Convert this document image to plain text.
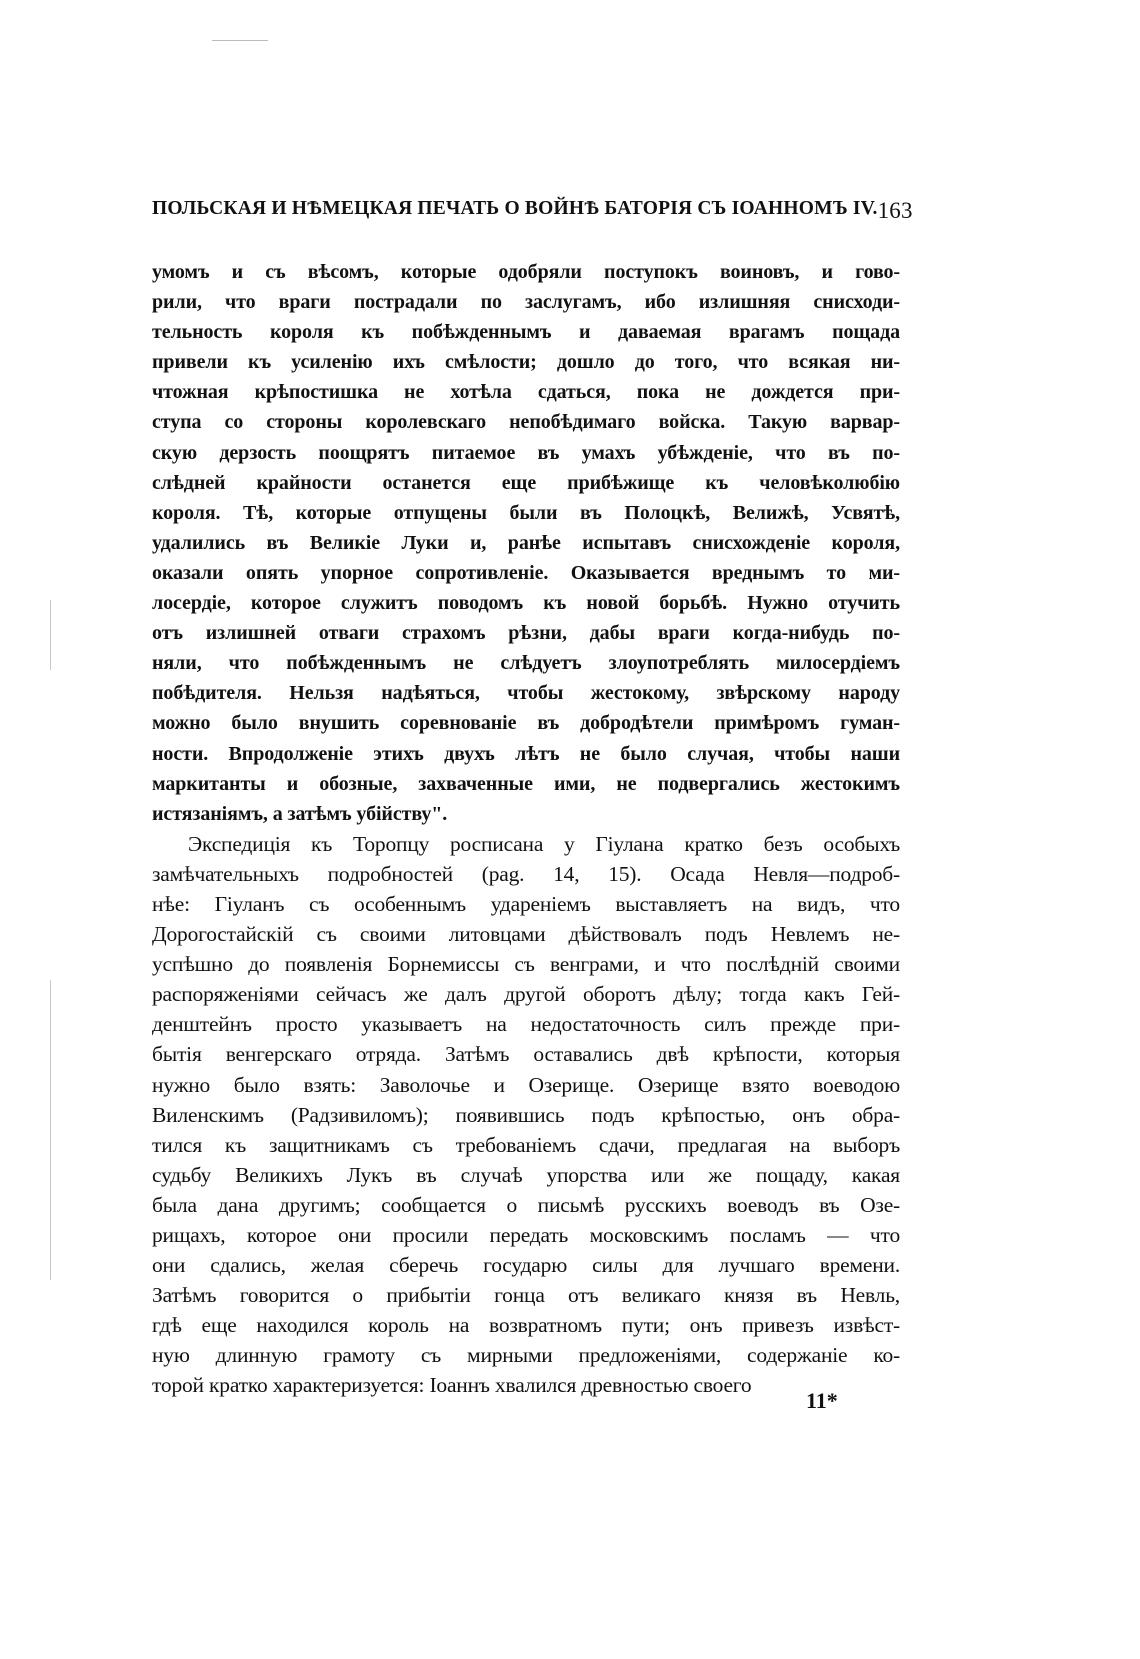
ПОЛЬСКАЯ И НѢМЕЦКАЯ ПЕЧАТЬ О ВОЙНѢ БАТОРІЯ СЪ ІОАННОМЪ IV. 163
умомъ и съ вѣсомъ, которые одобряли поступокъ воиновъ, и гово-
рили, что враги пострадали по заслугамъ, ибо излишняя снисходи-
тельность короля къ побѣжденнымъ и даваемая врагамъ пощада
привели къ усиленію ихъ смѣлости; дошло до того, что всякая ни-
чтожная крѣпостишка не хотѣла сдаться, пока не дождется при-
ступа со стороны королевскаго непобѣдимаго войска. Такую варвар-
скую дерзость поощрятъ питаемое въ умахъ убѣжденіе, что въ по-
слѣдней крайности останется еще прибѣжище къ человѣколюбію
короля. Тѣ, которые отпущены были въ Полоцкѣ, Велижѣ, Усвятѣ,
удалились въ Великіе Луки и, ранѣе испытавъ снисхожденіе короля,
оказали опять упорное сопротивленіе. Оказывается вреднымъ то ми-
лосердіе, которое служитъ поводомъ къ новой борьбѣ. Нужно отучить
отъ излишней отваги страхомъ рѣзни, дабы враги когда-нибудь по-
няли, что побѣжденнымъ не слѣдуетъ злоупотреблять милосердіемъ
побѣдителя. Нельзя надѣяться, чтобы жестокому, звѣрскому народу
можно было внушить соревнованіе въ добродѣтели примѣромъ гуман-
ности. Впродолженіе этихъ двухъ лѣтъ не было случая, чтобы наши
маркитанты и обозные, захваченные ими, не подвергались жестокимъ
истязаніямъ, а затѣмъ убійству".
Экспедиція къ Торопцу росписана у Гіулана кратко безъ особыхъ
замѣчательныхъ подробностей (pag. 14, 15). Осада Невля—подроб-
нѣе: Гіуланъ съ особеннымъ удареніемъ выставляетъ на видъ, что
Дорогостайскій съ своими литовцами дѣйствовалъ подъ Невлемъ не-
успѣшно до появленія Борнемиссы съ венграми, и что послѣдній своими
распоряженіями сейчасъ же далъ другой оборотъ дѣлу; тогда какъ Гей-
денштейнъ просто указываетъ на недостаточность силъ прежде при-
бытія венгерскаго отряда. Затѣмъ оставались двѣ крѣпости, которыя
нужно было взять: Заволочье и Озерище. Озерище взято воеводою
Виленскимъ (Радзивиломъ); появившись подъ крѣпостью, онъ обра-
тился къ защитникамъ съ требованіемъ сдачи, предлагая на выборъ
судьбу Великихъ Лукъ въ случаѣ упорства или же пощаду, какая
была дана другимъ; сообщается о письмѣ русскихъ воеводъ въ Озе-
рищахъ, которое они просили передать московскимъ посламъ — что
они сдались, желая сберечь государю силы для лучшаго времени.
Затѣмъ говорится о прибытіи гонца отъ великаго князя въ Невль,
гдѣ еще находился король на возвратномъ пути; онъ привезъ извѣст-
ную длинную грамоту съ мирными предложеніями, содержаніе ко-
торой кратко характеризуется: Іоаннъ хвалился древностью своего
11*
